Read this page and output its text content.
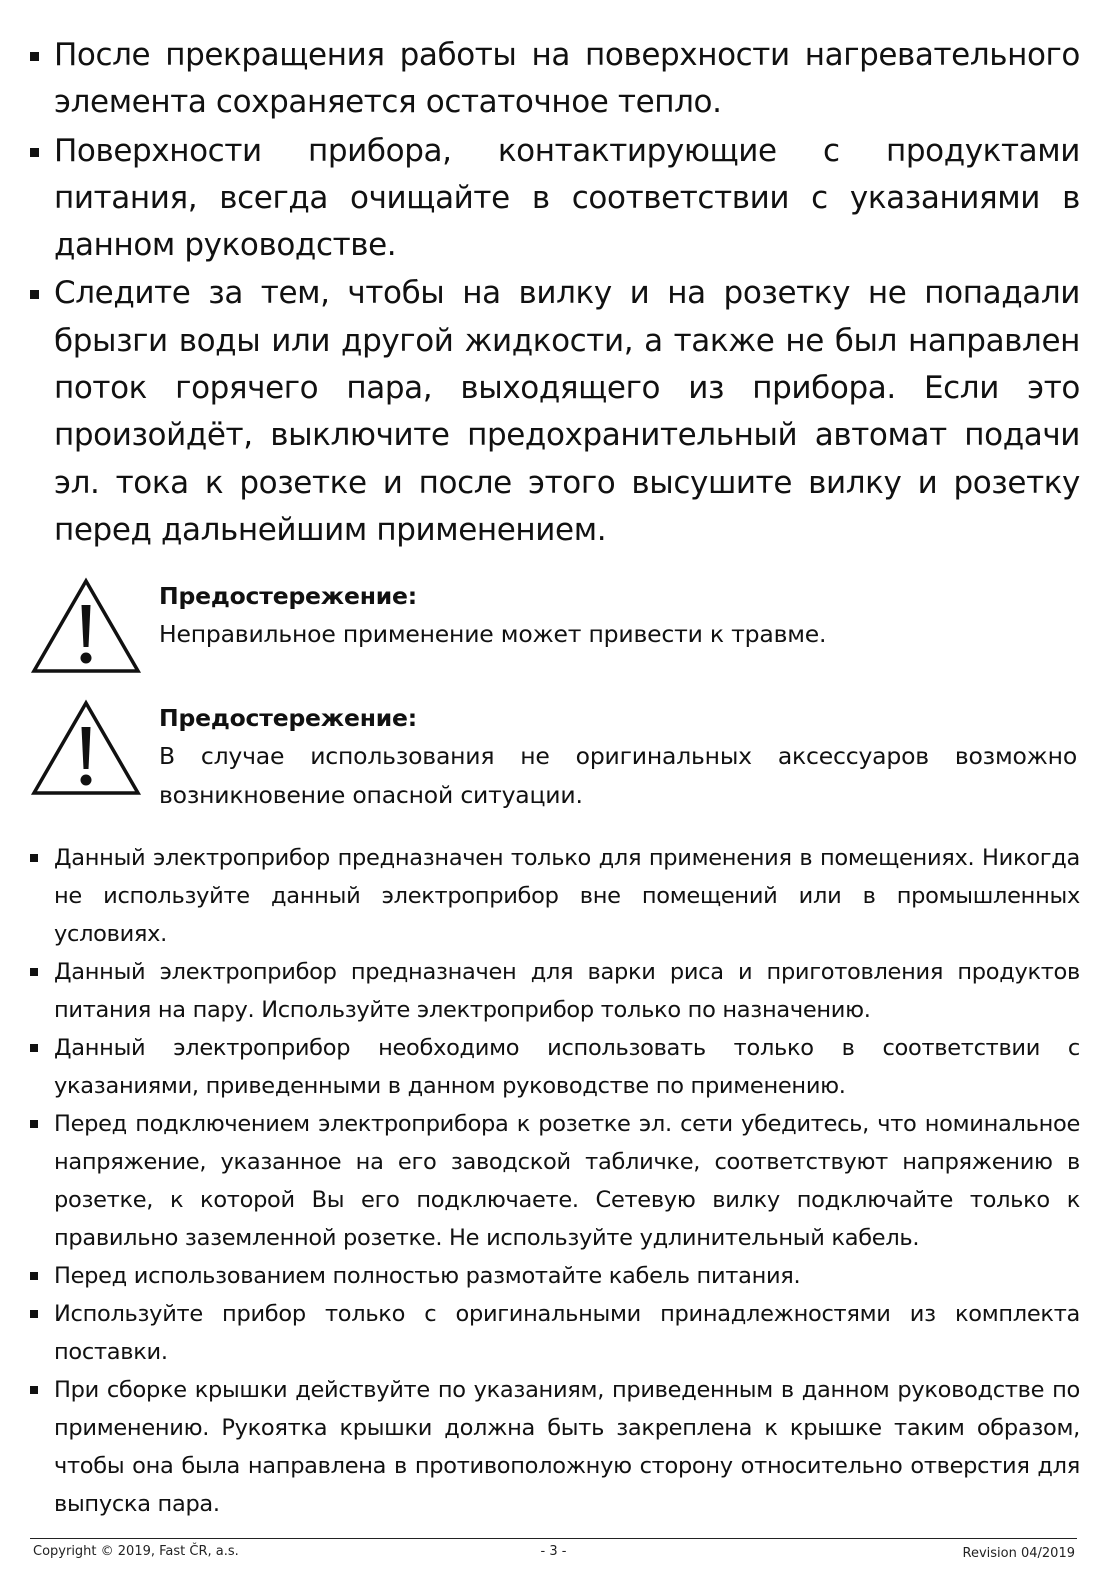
После прекращения работы на поверхности нагревательного элемента сохраняется остаточное тепло.
Поверхности прибора, контактирующие с продуктами питания, всегда очищайте в соответствии с указаниями в данном руководстве.
Следите за тем, чтобы на вилку и на розетку не попадали брызги воды или другой жидкости, а также не был направлен поток горячего пара, выходящего из прибора. Если это произойдёт, выключите предохранительный автомат подачи эл. тока к розетке и после этого высушите вилку и розетку перед дальнейшим применением.
Предостережение:
Неправильное применение может привести к травме.
Предостережение:
В случае использования не оригинальных аксессуаров возможно возникновение опасной ситуации.
Данный электроприбор предназначен только для применения в помещениях. Никогда не используйте данный электроприбор вне помещений или в промышленных условиях.
Данный электроприбор предназначен для варки риса и приготовления продуктов питания на пару. Используйте электроприбор только по назначению.
Данный электроприбор необходимо использовать только в соответствии с указаниями, приведенными в данном руководстве по применению.
Перед подключением электроприбора к розетке эл. сети убедитесь, что номинальное напряжение, указанное на его заводской табличке, соответствуют напряжению в розетке, к которой Вы его подключаете. Сетевую вилку подключайте только к правильно заземленной розетке. Не используйте удлинительный кабель.
Перед использованием полностью размотайте кабель питания.
Используйте прибор только с оригинальными принадлежностями из комплекта поставки.
При сборке крышки действуйте по указаниям, приведенным в данном руководстве по применению. Рукоятка крышки должна быть закреплена к крышке таким образом, чтобы она была направлена в противоположную сторону относительно отверстия для выпуска пара.
Copyright © 2019, Fast ČR, a.s.	- 3 -	Revision 04/2019
